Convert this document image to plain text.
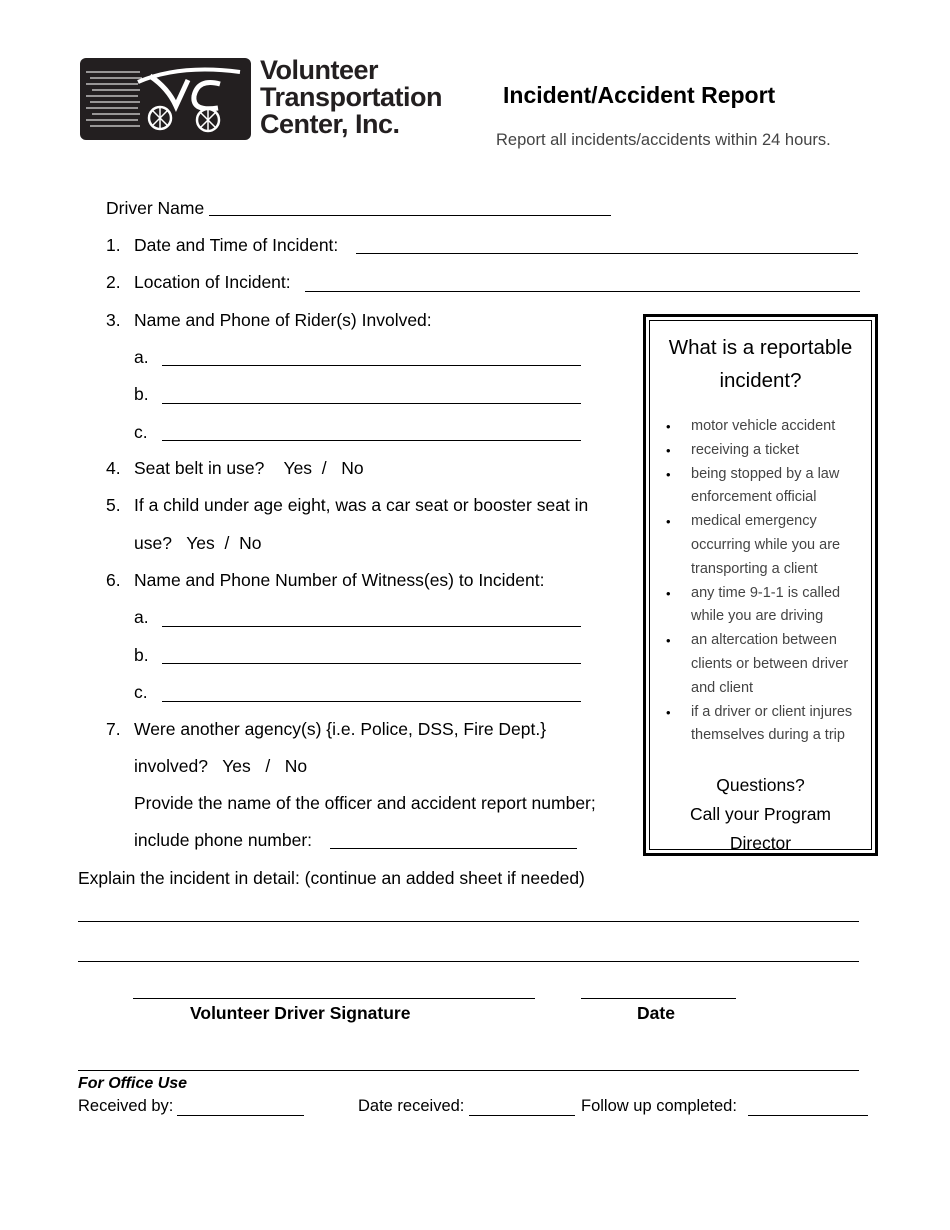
Volunteer
Transportation
Center, Inc.
Incident/Accident Report
Report all incidents/accidents within 24 hours.
Driver Name
1. Date and Time of Incident:
2. Location of Incident:
3. Name and Phone of Rider(s) Involved:
a.
b.
c.
4. Seat belt in use?    Yes  /   No
5. If a child under age eight, was a car seat or booster seat in
use?   Yes  /  No
6. Name and Phone Number of Witness(es) to Incident:
a.
b.
c.
7. Were another agency(s) {i.e. Police, DSS, Fire Dept.}
involved?   Yes   /   No
Provide the name of the officer and accident report number;
include phone number:
Explain the incident in detail: (continue an added sheet if needed)
Volunteer Driver Signature	Date
For Office Use
Received by:	Date received:	Follow up completed:
What is a reportable
incident?
• motor vehicle accident
• receiving a ticket
• being stopped by a law enforcement official
• medical emergency occurring while you are transporting a client
• any time 9-1-1 is called while you are driving
• an altercation between clients or between driver and client
• if a driver or client injures themselves during a trip
Questions?
Call your Program
Director
